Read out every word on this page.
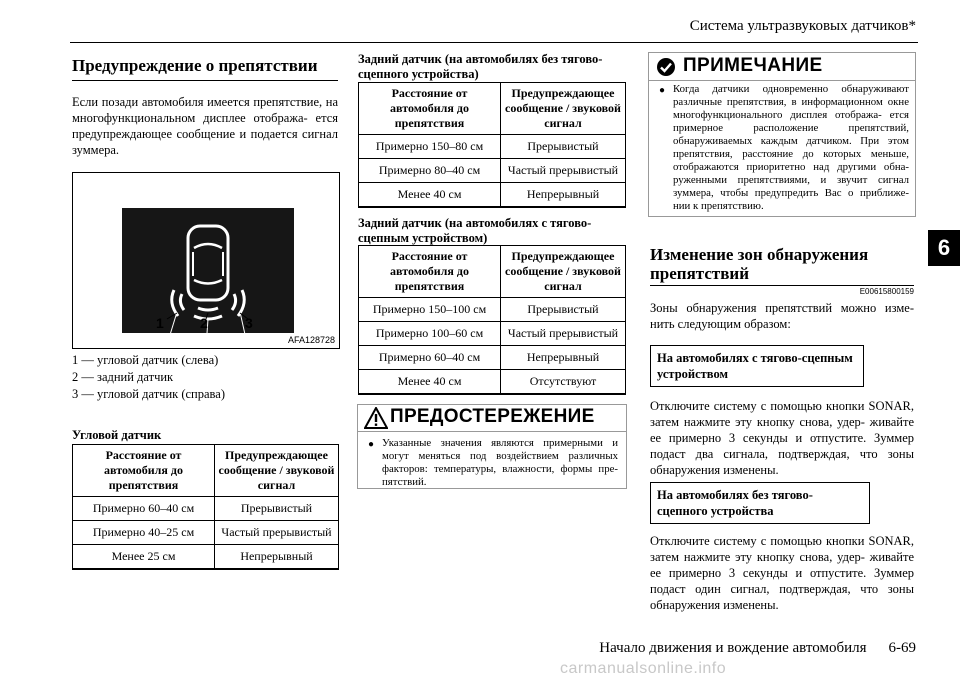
Система ультразвуковых датчиков*
6
Предупреждение о препятствии
Если позади автомобиля имеется препятствие, на многофункциональном дисплее отобража- ется предупреждающее сообщение и подается сигнал зуммера.
1	2	3
AFA128728
1 — угловой датчик (слева)
2 — задний датчик
3 — угловой датчик (справа)
Угловой датчик
Расстояние от автомобиля до препятствия	Предупреждающее сообщение / звуковой сигнал
Примерно 60–40 см	Прерывистый
Примерно 40–25 см	Частый прерывистый
Менее 25 см	Непрерывный
Задний датчик (на автомобилях без тягово-сцепного устройства)
Расстояние от автомобиля до препятствия	Предупреждающее сообщение / звуковой сигнал
Примерно 150–80 см	Прерывистый
Примерно 80–40 см	Частый прерывистый
Менее 40 см	Непрерывный
Задний датчик (на автомобилях с тягово-сцепным устройством)
Расстояние от автомобиля до препятствия	Предупреждающее сообщение / звуковой сигнал
Примерно 150–100 см	Прерывистый
Примерно 100–60 см	Частый прерывистый
Примерно 60–40 см	Непрерывный
Менее 40 см	Отсутствуют
ПРЕДОСТЕРЕЖЕНИЕ
● Указанные значения являются примерными и могут меняться под воздействием различных факторов: температуры, влажности, формы пре- пятствий.
ПРИМЕЧАНИЕ
● Когда датчики одновременно обнаруживают различные препятствия, в информационном окне многофункционального дисплея отобража- ется примерное расположение препятствий, обнаруживаемых каждым датчиком. При этом препятствия, расстояние до которых меньше, отображаются приоритетно над другими обна- руженными препятствиями, и звучит сигнал зуммера, чтобы предупредить Вас о приближе- нии к препятствию.
Изменение зон обнаружения препятствий
E00615800159
Зоны обнаружения препятствий можно изме- нить следующим образом:
На автомобилях с тягово-сцепным устройством
Отключите систему с помощью кнопки SONAR, затем нажмите эту кнопку снова, удер- живайте ее примерно 3 секунды и отпустите. Зуммер подаст два сигнала, подтверждая, что зоны обнаружения изменены.
На автомобилях без тягово-сцепного устройства
Отключите систему с помощью кнопки SONAR, затем нажмите эту кнопку снова, удер- живайте ее примерно 3 секунды и отпустите. Зуммер подаст один сигнал, подтверждая, что зоны обнаружения изменены.
Начало движения и вождение автомобиля 6-69
carmanualsonline.info
